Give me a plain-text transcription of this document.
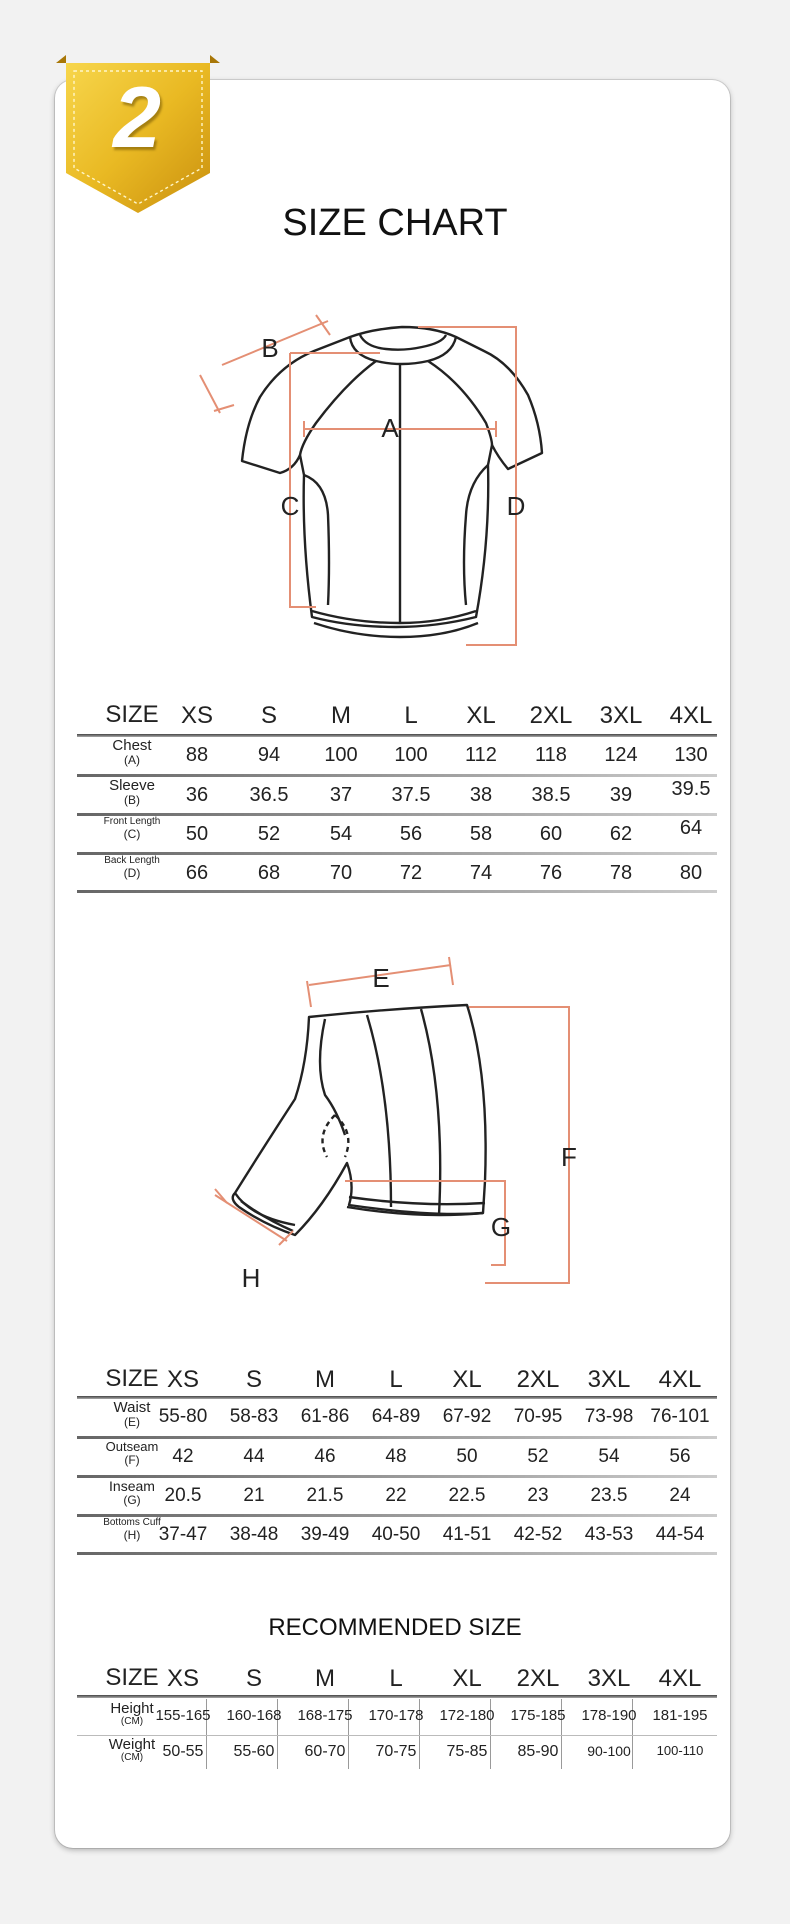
2
SIZE CHART
B
A
C	D
SIZE XS	S	M	L	XL	2XL	3XL	4XL
Chest
(A)	88	94	100	100	112	118	124	130
Sleeve
(B)	36	36.5	37	37.5	38	38.5	39	39.5
Front Length
(C)	50	52	54	56	58	60	62	64
Back Length
(D)	66	68	70	72	74	76	78	80
E
F
G
H
SIZE XS	S	M	L	XL	2XL	3XL	4XL
Waist
(E) 55-80	58-83	61-86	64-89	67-92	70-95	73-98 76-101
Outseam
(F)	42	44	46	48	50	52	54	56
Inseam
(G)	20.5	21	21.5	22	22.5	23	23.5	24
Bottoms Cuff
(H) 37-47	38-48	39-49	40-50	41-51	42-52	43-53	44-54
RECOMMENDED SIZE
SIZE XS	S	M	L	XL	2XL	3XL	4XL
Height
(CM) 155-165	160-168	168-175	170-178	172-180	175-185	178-190	181-195
Weight
(CM)	50-55	55-60	60-70	70-75	75-85	85-90	90-100	100-110
